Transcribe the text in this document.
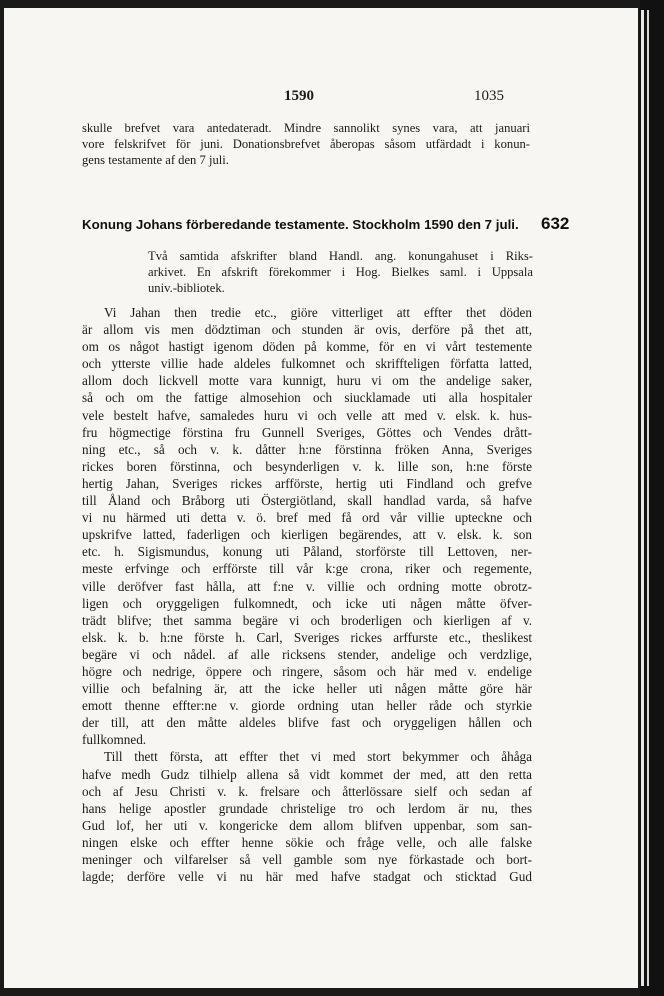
1590	1035
skulle brefvet vara antedateradt. Mindre sannolikt synes vara, att januari
vore felskrifvet för juni. Donationsbrefvet åberopas såsom utfärdadt i konun-
gens testamente af den 7 juli.
Konung Johans förberedande testamente. Stockholm 1590 den 7 juli.	632
Två samtida afskrifter bland Handl. ang. konungahuset i Riks-
arkivet. En afskrift förekommer i Hog. Bielkes saml. i Uppsala
univ.-bibliotek.
Vi Jahan then tredie etc., giöre vitterliget att effter thet döden
är allom vis men dödztiman och stunden är ovis, derföre på thet att,
om os något hastigt igenom döden på komme, för en vi vårt testemente
och ytterste villie hade aldeles fulkomnet och skriffteligen författa latted,
allom doch lickvell motte vara kunnigt, huru vi om the andelige saker,
så och om the fattige almosehion och siucklamade uti alla hospitaler
vele bestelt hafve, samaledes huru vi och velle att med v. elsk. k. hus-
fru högmectige förstina fru Gunnell Sveriges, Göttes och Vendes drått-
ning etc., så och v. k. dåtter h:ne förstinna fröken Anna, Sveriges
rickes boren förstinna, och besynderligen v. k. lille son, h:ne förste
hertig Jahan, Sveriges rickes arfförste, hertig uti Findland och grefve
till Åland och Bråborg uti Östergiötland, skall handlad varda, så hafve
vi nu härmed uti detta v. ö. bref med få ord vår villie upteckne och
upskrifve latted, faderligen och kierligen begärendes, att v. elsk. k. son
etc. h. Sigismundus, konung uti Påland, storförste till Lettoven, ner-
meste erfvinge och erfförste till vår k:ge crona, riker och regemente,
ville deröfver fast hålla, att f:ne v. villie och ordning motte obrotz-
ligen och oryggeligen fulkomnedt, och icke uti någen måtte öfver-
trädt blifve; thet samma begäre vi och broderligen och kierligen af v.
elsk. k. b. h:ne förste h. Carl, Sveriges rickes arffurste etc., theslikest
begäre vi och nådel. af alle ricksens stender, andelige och verdzlige,
högre och nedrige, öppere och ringere, såsom och här med v. endelige
villie och befalning är, att the icke heller uti någen måtte göre här
emott thenne effter:ne v. giorde ordning utan heller råde och styrkie
der till, att den måtte aldeles blifve fast och oryggeligen hållen och
fullkomned.
Till thett första, att effter thet vi med stort bekymmer och åhåga
hafve medh Gudz tilhielp allena så vidt kommet der med, att den retta
och af Jesu Christi v. k. frelsare och åtterlössare sielf och sedan af
hans helige apostler grundade christelige tro och lerdom är nu, thes
Gud lof, her uti v. kongericke dem allom blifven uppenbar, som san-
ningen elske och effter henne sökie och fråge velle, och alle falske
meninger och vilfarelser så vell gamble som nye förkastade och bort-
lagde; derföre velle vi nu här med hafve stadgat och sticktad Gud
